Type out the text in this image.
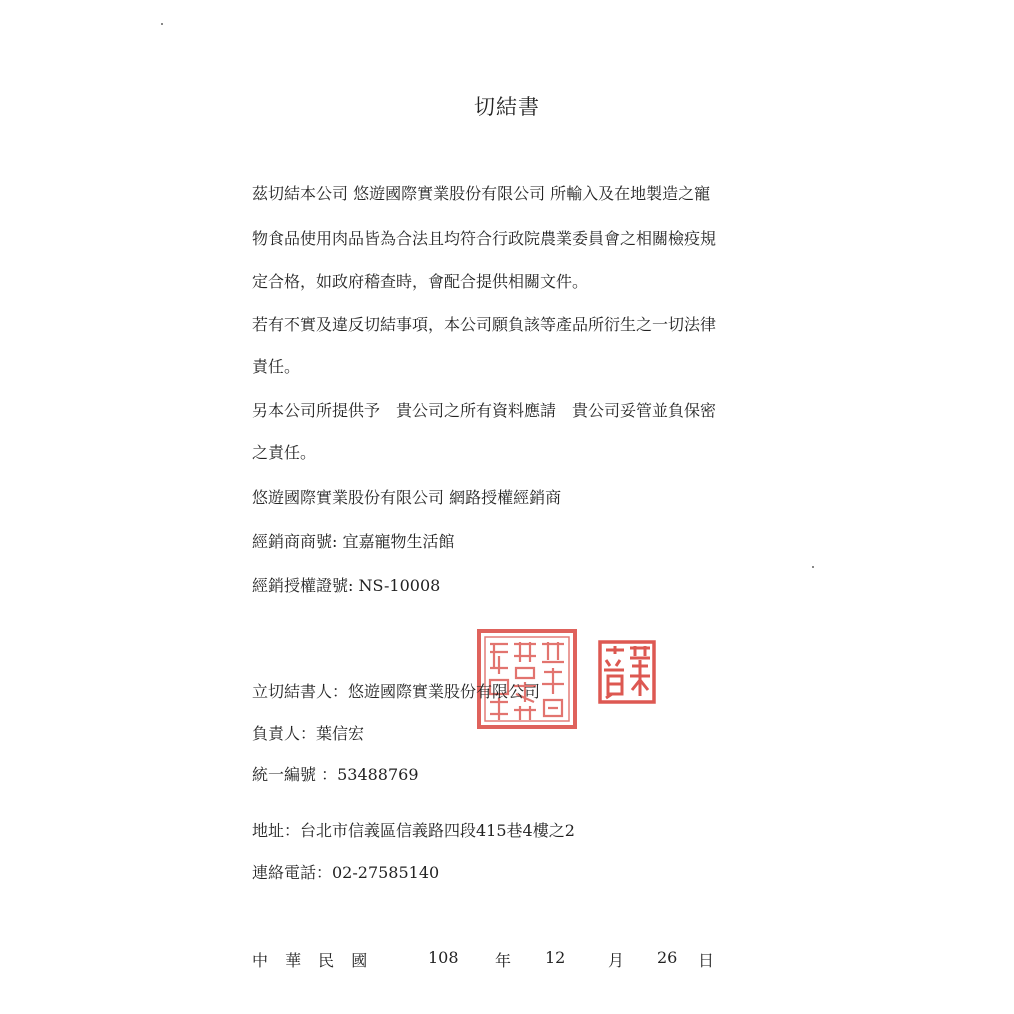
切結書
茲切結本公司 悠遊國際實業股份有限公司 所輸入及在地製造之寵
物食品使用肉品皆為合法且均符合行政院農業委員會之相關檢疫規
定合格，如政府稽查時，會配合提供相關文件。
若有不實及違反切結事項，本公司願負該等產品所衍生之一切法律
責任。
另本公司所提供予　貴公司之所有資料應請　貴公司妥管並負保密
之責任。
悠遊國際實業股份有限公司 網路授權經銷商
經銷商商號: 宜嘉寵物生活館
經銷授權證號: NS-10008
立切結書人：悠遊國際實業股份有限公司
負責人：葉信宏
統一編號 ：53488769
地址：台北市信義區信義路四段415巷4樓之2
連絡電話：02-27585140
中 華 民 國	108 年 12	月 26 日
